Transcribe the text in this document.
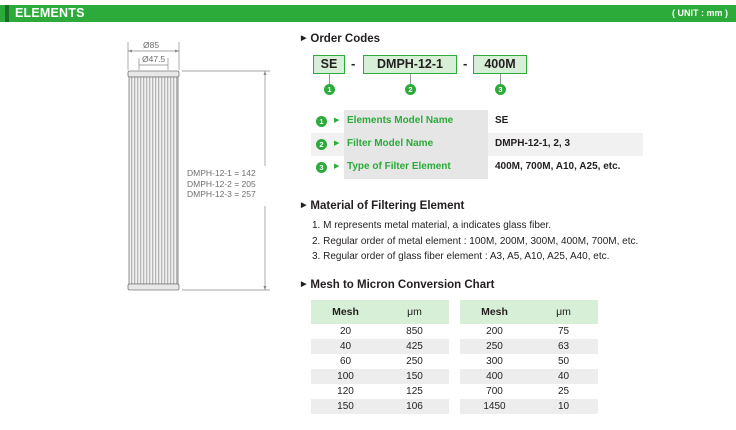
ELEMENTS	( UNIT : mm )
Ø85
Ø47.5
DMPH-12-1 = 142
DMPH-12-2 = 205
DMPH-12-3 = 257
▶ Order Codes
SE	-	DMPH-12-1	-	400M
1	2	3
1	▶ Elements Model Name	SE
2	▶ Filter Model Name	DMPH-12-1, 2, 3
3	▶ Type of Filter Element	400M, 700M, A10, A25, etc.
▶ Material of Filtering Element
1. M represents metal material, a indicates glass fiber.
2. Regular order of metal element : 100M, 200M, 300M, 400M, 700M, etc.
3. Regular order of glass fiber element : A3, A5, A10, A25, A40, etc.
▶ Mesh to Micron Conversion Chart
Mesh	μm
20	850
40	425
60	250
100	150
120	125
150	106
Mesh	μm
200	75
250	63
300	50
400	40
700	25
1450	10
